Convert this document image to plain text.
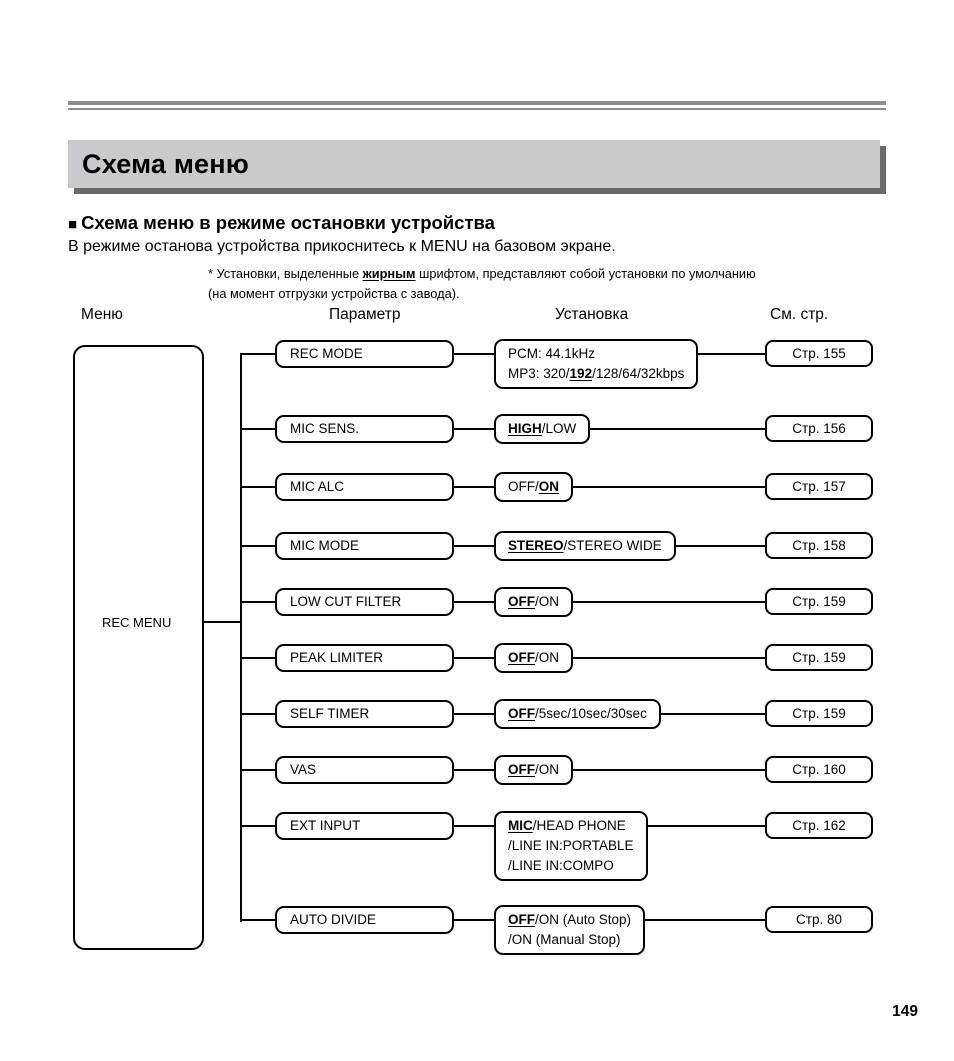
Схема меню
■ Схема меню в режиме остановки устройства
В режиме останова устройства прикоснитесь к MENU на базовом экране.
* Установки, выделенные жирным шрифтом, представляют собой установки по умолчанию
(на момент отгрузки устройства с завода).
Меню	Параметр	Установка	См. стр.
REC MENU
REC MODE	PCM: 44.1kHz
MP3: 320/192/128/64/32kbps
Стр. 155
MIC SENS.	HIGH/LOW	Стр. 156
MIC ALC	OFF/ON	Стр. 157
MIC MODE	STEREO/STEREO WIDE	Стр. 158
LOW CUT FILTER	OFF/ON	Стр. 159
PEAK LIMITER	OFF/ON	Стр. 159
SELF TIMER	OFF/5sec/10sec/30sec	Стр. 159
VAS	OFF/ON	Стр. 160
EXT INPUT	MIC/HEAD PHONE
/LINE IN:PORTABLE
/LINE IN:COMPO
Стр. 162
AUTO DIVIDE	OFF/ON (Auto Stop)
/ON (Manual Stop)
Стр. 80
149
